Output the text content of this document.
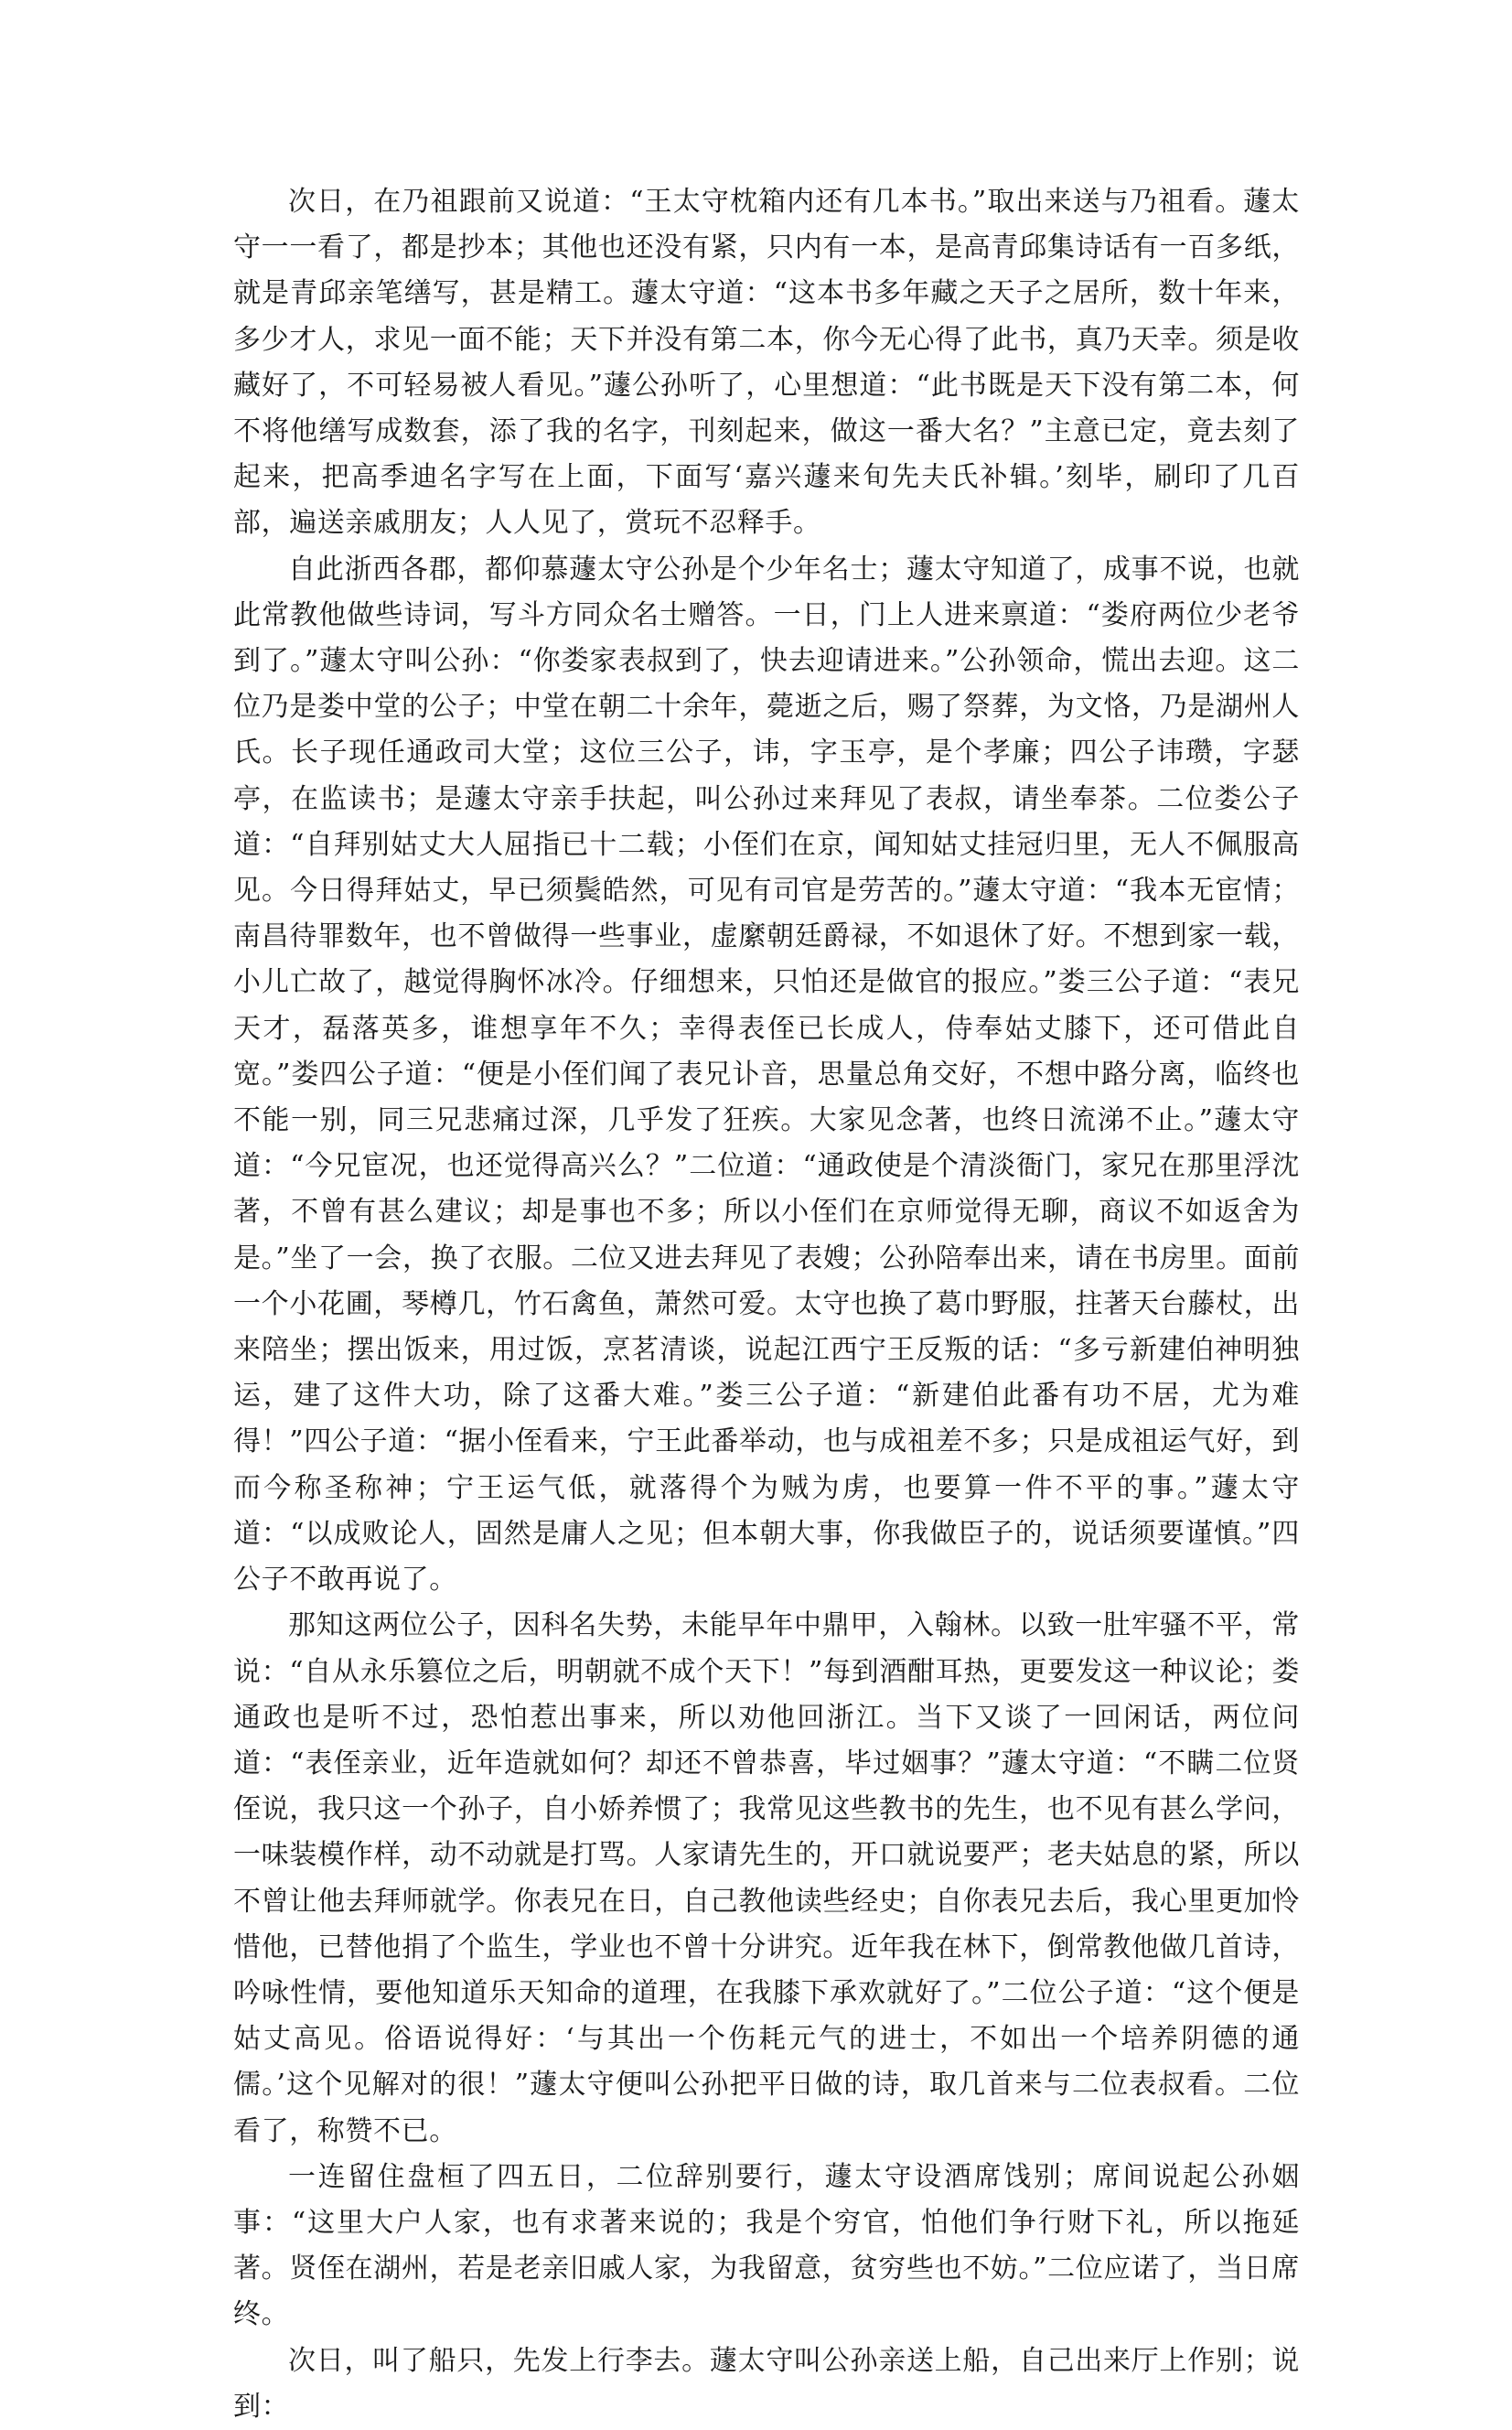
次日，在乃祖跟前又说道：“王太守枕箱内还有几本书。”取出来送与乃祖看。蘧太守一一看了，都是抄本；其他也还没有紧，只内有一本，是高青邱集诗话有一百多纸，就是青邱亲笔缮写，甚是精工。蘧太守道：“这本书多年藏之天子之居所，数十年来，多少才人，求见一面不能；天下并没有第二本，你今无心得了此书，真乃天幸。须是收藏好了，不可轻易被人看见。”蘧公孙听了，心里想道：“此书既是天下没有第二本，何不将他缮写成数套，添了我的名字，刊刻起来，做这一番大名？”主意已定，竟去刻了起来，把高季迪名字写在上面，下面写‘嘉兴蘧来旬先夫氏补辑。’刻毕，刷印了几百部，遍送亲戚朋友；人人见了，赏玩不忍释手。

自此浙西各郡，都仰慕蘧太守公孙是个少年名士；蘧太守知道了，成事不说，也就此常教他做些诗词，写斗方同众名士赠答。一日，门上人进来禀道：“娄府两位少老爷到了。”蘧太守叫公孙：“你娄家表叔到了，快去迎请进来。”公孙领命，慌出去迎。这二位乃是娄中堂的公子；中堂在朝二十余年，薨逝之后，赐了祭葬，为文恪，乃是湖州人氏。长子现任通政司大堂；这位三公子，讳，字玉亭，是个孝廉；四公子讳瓒，字瑟亭，在监读书；是蘧太守亲手扶起，叫公孙过来拜见了表叔，请坐奉茶。二位娄公子道：“自拜别姑丈大人屈指已十二载；小侄们在京，闻知姑丈挂冠归里，无人不佩服高见。今日得拜姑丈，早已须鬓皓然，可见有司官是劳苦的。”蘧太守道：“我本无宦情；南昌待罪数年，也不曾做得一些事业，虚縻朝廷爵禄，不如退休了好。不想到家一载，小儿亡故了，越觉得胸怀冰冷。仔细想来，只怕还是做官的报应。”娄三公子道：“表兄天才，磊落英多，谁想享年不久；幸得表侄已长成人，侍奉姑丈膝下，还可借此自宽。”娄四公子道：“便是小侄们闻了表兄讣音，思量总角交好，不想中路分离，临终也不能一别，同三兄悲痛过深，几乎发了狂疾。大家见念著，也终日流涕不止。”蘧太守道：“今兄宦况，也还觉得高兴么？”二位道：“通政使是个清淡衙门，家兄在那里浮沈著，不曾有甚么建议；却是事也不多；所以小侄们在京师觉得无聊，商议不如返舍为是。”坐了一会，换了衣服。二位又进去拜见了表嫂；公孙陪奉出来，请在书房里。面前一个小花圃，琴樽几，竹石禽鱼，萧然可爱。太守也换了葛巾野服，拄著天台藤杖，出来陪坐；摆出饭来，用过饭，烹茗清谈，说起江西宁王反叛的话：“多亏新建伯神明独运，建了这件大功，除了这番大难。”娄三公子道：“新建伯此番有功不居，尤为难得！”四公子道：“据小侄看来，宁王此番举动，也与成祖差不多；只是成祖运气好，到而今称圣称神；宁王运气低，就落得个为贼为虏，也要算一件不平的事。”蘧太守道：“以成败论人，固然是庸人之见；但本朝大事，你我做臣子的，说话须要谨慎。”四公子不敢再说了。

那知这两位公子，因科名失势，未能早年中鼎甲，入翰林。以致一肚牢骚不平，常说：“自从永乐篡位之后，明朝就不成个天下！”每到酒酣耳热，更要发这一种议论；娄通政也是听不过，恐怕惹出事来，所以劝他回浙江。当下又谈了一回闲话，两位问道：“表侄亲业，近年造就如何？却还不曾恭喜，毕过姻事？”蘧太守道：“不瞒二位贤侄说，我只这一个孙子，自小娇养惯了；我常见这些教书的先生，也不见有甚么学问，一味装模作样，动不动就是打骂。人家请先生的，开口就说要严；老夫姑息的紧，所以不曾让他去拜师就学。你表兄在日，自己教他读些经史；自你表兄去后，我心里更加怜惜他，已替他捐了个监生，学业也不曾十分讲究。近年我在林下，倒常教他做几首诗，吟咏性情，要他知道乐天知命的道理，在我膝下承欢就好了。”二位公子道：“这个便是姑丈高见。俗语说得好：‘与其出一个伤耗元气的进士，不如出一个培养阴德的通儒。’这个见解对的很！”蘧太守便叫公孙把平日做的诗，取几首来与二位表叔看。二位看了，称赞不已。

一连留住盘桓了四五日，二位辞别要行，蘧太守设酒席饯别；席间说起公孙姻事：“这里大户人家，也有求著来说的；我是个穷官，怕他们争行财下礼，所以拖延著。贤侄在湖州，若是老亲旧戚人家，为我留意，贫穷些也不妨。”二位应诺了，当日席终。

次日，叫了船只，先发上行李去。蘧太守叫公孙亲送上船，自己出来厅上作别；说到：
